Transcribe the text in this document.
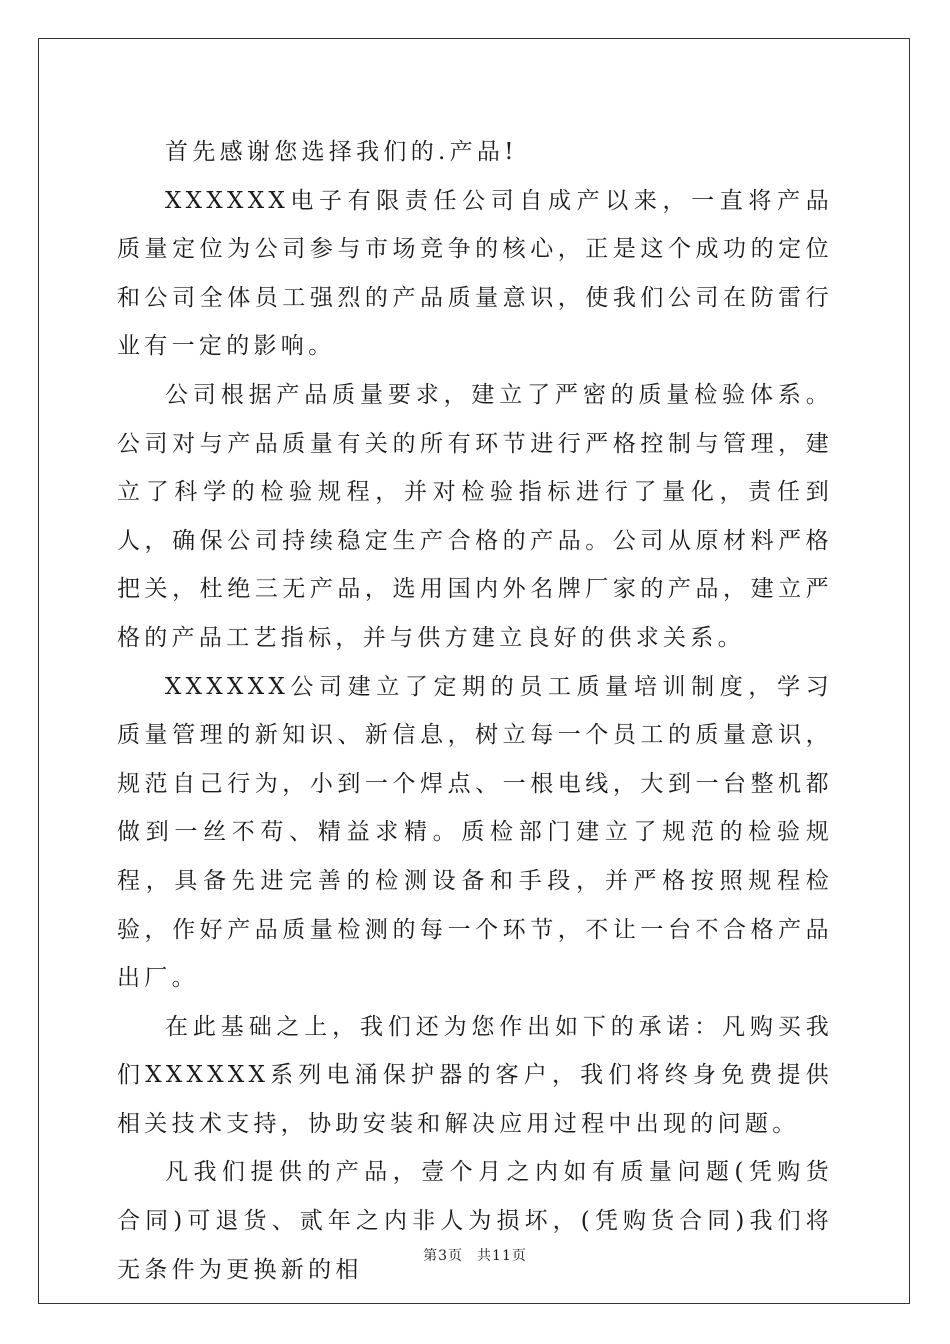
首先感谢您选择我们的.产品!

XXXXXX电子有限责任公司自成产以来，一直将产品质量定位为公司参与市场竞争的核心，正是这个成功的定位和公司全体员工强烈的产品质量意识，使我们公司在防雷行业有一定的影响。

公司根据产品质量要求，建立了严密的质量检验体系。公司对与产品质量有关的所有环节进行严格控制与管理，建立了科学的检验规程，并对检验指标进行了量化，责任到人，确保公司持续稳定生产合格的产品。公司从原材料严格把关，杜绝三无产品，选用国内外名牌厂家的产品，建立严格的产品工艺指标，并与供方建立良好的供求关系。

XXXXXX公司建立了定期的员工质量培训制度，学习质量管理的新知识、新信息，树立每一个员工的质量意识，规范自己行为，小到一个焊点、一根电线，大到一台整机都做到一丝不苟、精益求精。质检部门建立了规范的检验规程，具备先进完善的检测设备和手段，并严格按照规程检验，作好产品质量检测的每一个环节，不让一台不合格产品出厂。

在此基础之上，我们还为您作出如下的承诺：凡购买我们XXXXXX系列电涌保护器的客户，我们将终身免费提供相关技术支持，协助安装和解决应用过程中出现的问题。

凡我们提供的产品，壹个月之内如有质量问题(凭购货合同)可退货、贰年之内非人为损坏，(凭购货合同)我们将无条件为更换新的相

第3页 共11页
